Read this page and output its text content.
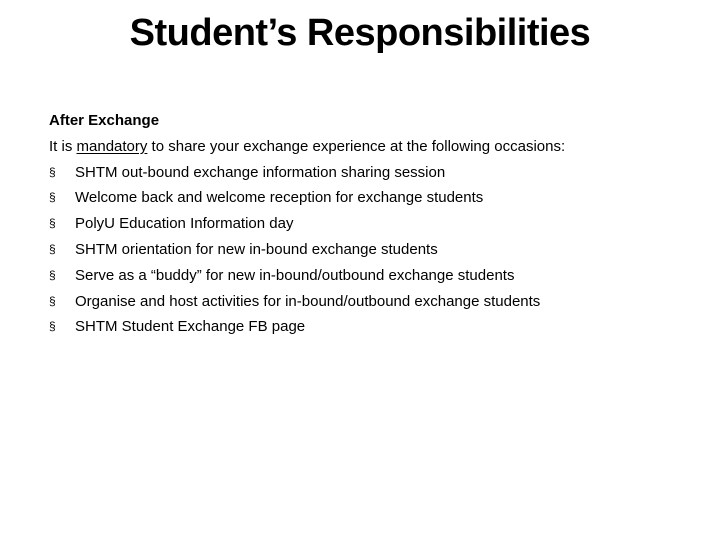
Student’s Responsibilities

After Exchange

It is mandatory to share your exchange experience at the following occasions:

§ SHTM out-bound exchange information sharing session
§ Welcome back and welcome reception for exchange students
§ PolyU Education Information day
§ SHTM orientation for new in-bound exchange students
§ Serve as a “buddy” for new in-bound/outbound exchange students
§ Organise and host activities for in-bound/outbound exchange students
§ SHTM Student Exchange FB page
